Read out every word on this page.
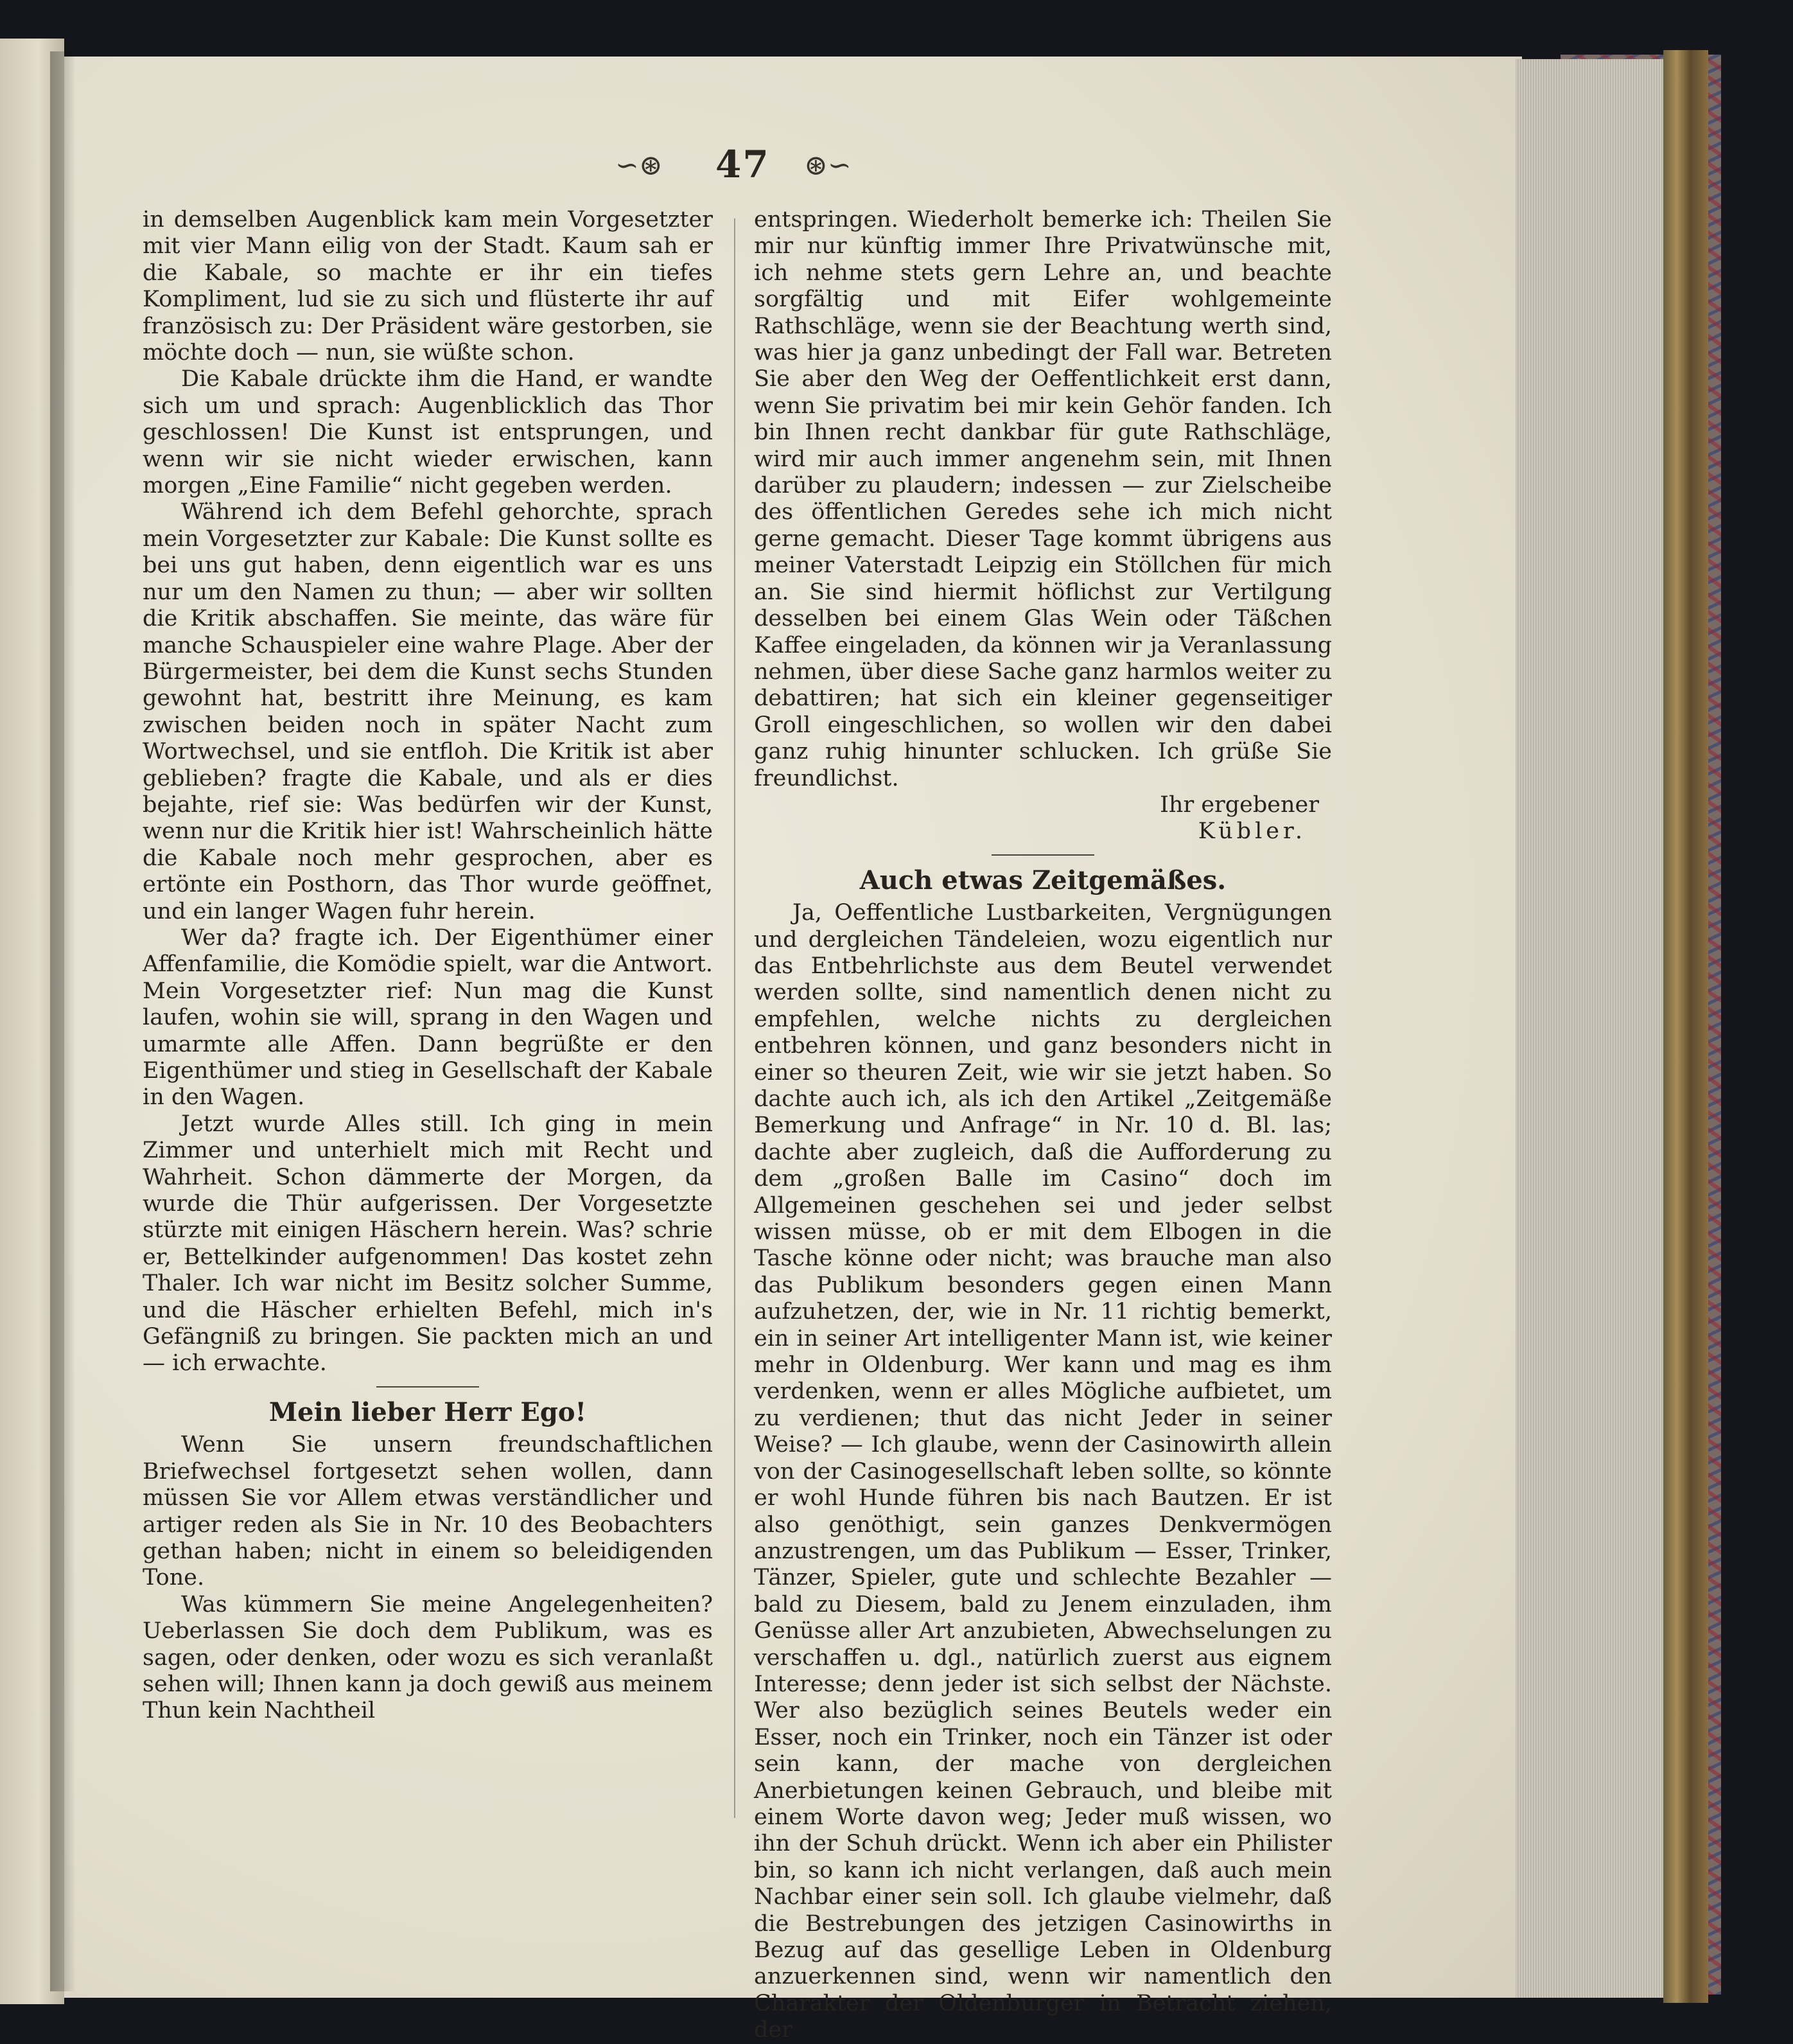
∽⊛ 47 ⊛∽

in demselben Augenblick kam mein Vorgesetzter mit vier Mann eilig von der Stadt. Kaum sah er die Kabale, so machte er ihr ein tiefes Kompliment, lud sie zu sich und flüsterte ihr auf französisch zu: Der Präsident wäre gestorben, sie möchte doch — nun, sie wüßte schon.

Die Kabale drückte ihm die Hand, er wandte sich um und sprach: Augenblicklich das Thor geschlossen! Die Kunst ist entsprungen, und wenn wir sie nicht wieder erwischen, kann morgen „Eine Familie“ nicht gegeben werden.

Während ich dem Befehl gehorchte, sprach mein Vorgesetzter zur Kabale: Die Kunst sollte es bei uns gut haben, denn eigentlich war es uns nur um den Namen zu thun; — aber wir sollten die Kritik abschaffen. Sie meinte, das wäre für manche Schauspieler eine wahre Plage. Aber der Bürgermeister, bei dem die Kunst sechs Stunden gewohnt hat, bestritt ihre Meinung, es kam zwischen beiden noch in später Nacht zum Wortwechsel, und sie entfloh. Die Kritik ist aber geblieben? fragte die Kabale, und als er dies bejahte, rief sie: Was bedürfen wir der Kunst, wenn nur die Kritik hier ist! Wahrscheinlich hätte die Kabale noch mehr gesprochen, aber es ertönte ein Posthorn, das Thor wurde geöffnet, und ein langer Wagen fuhr herein.

Wer da? fragte ich. Der Eigenthümer einer Affenfamilie, die Komödie spielt, war die Antwort. Mein Vorgesetzter rief: Nun mag die Kunst laufen, wohin sie will, sprang in den Wagen und umarmte alle Affen. Dann begrüßte er den Eigenthümer und stieg in Gesellschaft der Kabale in den Wagen.

Jetzt wurde Alles still. Ich ging in mein Zimmer und unterhielt mich mit Recht und Wahrheit. Schon dämmerte der Morgen, da wurde die Thür aufgerissen. Der Vorgesetzte stürzte mit einigen Häschern herein. Was? schrie er, Bettelkinder aufgenommen! Das kostet zehn Thaler. Ich war nicht im Besitz solcher Summe, und die Häscher erhielten Befehl, mich in's Gefängniß zu bringen. Sie packten mich an und — ich erwachte.

Mein lieber Herr Ego!

Wenn Sie unsern freundschaftlichen Briefwechsel fortgesetzt sehen wollen, dann müssen Sie vor Allem etwas verständlicher und artiger reden als Sie in Nr. 10 des Beobachters gethan haben; nicht in einem so beleidigenden Tone.

Was kümmern Sie meine Angelegenheiten? Ueberlassen Sie doch dem Publikum, was es sagen, oder denken, oder wozu es sich veranlaßt sehen will; Ihnen kann ja doch gewiß aus meinem Thun kein Nachtheil

entspringen. Wiederholt bemerke ich: Theilen Sie mir nur künftig immer Ihre Privatwünsche mit, ich nehme stets gern Lehre an, und beachte sorgfältig und mit Eifer wohlgemeinte Rathschläge, wenn sie der Beachtung werth sind, was hier ja ganz unbedingt der Fall war. Betreten Sie aber den Weg der Oeffentlichkeit erst dann, wenn Sie privatim bei mir kein Gehör fanden. Ich bin Ihnen recht dankbar für gute Rathschläge, wird mir auch immer angenehm sein, mit Ihnen darüber zu plaudern; indessen — zur Zielscheibe des öffentlichen Geredes sehe ich mich nicht gerne gemacht. Dieser Tage kommt übrigens aus meiner Vaterstadt Leipzig ein Stöllchen für mich an. Sie sind hiermit höflichst zur Vertilgung desselben bei einem Glas Wein oder Täßchen Kaffee eingeladen, da können wir ja Veranlassung nehmen, über diese Sache ganz harmlos weiter zu debattiren; hat sich ein kleiner gegenseitiger Groll eingeschlichen, so wollen wir den dabei ganz ruhig hinunter schlucken. Ich grüße Sie freundlichst.

Ihr ergebener

Kübler.

Auch etwas Zeitgemäßes.

Ja, Oeffentliche Lustbarkeiten, Vergnügungen und dergleichen Tändeleien, wozu eigentlich nur das Entbehrlichste aus dem Beutel verwendet werden sollte, sind namentlich denen nicht zu empfehlen, welche nichts zu dergleichen entbehren können, und ganz besonders nicht in einer so theuren Zeit, wie wir sie jetzt haben. So dachte auch ich, als ich den Artikel „Zeitgemäße Bemerkung und Anfrage“ in Nr. 10 d. Bl. las; dachte aber zugleich, daß die Aufforderung zu dem „großen Balle im Casino“ doch im Allgemeinen geschehen sei und jeder selbst wissen müsse, ob er mit dem Elbogen in die Tasche könne oder nicht; was brauche man also das Publikum besonders gegen einen Mann aufzuhetzen, der, wie in Nr. 11 richtig bemerkt, ein in seiner Art intelligenter Mann ist, wie keiner mehr in Oldenburg. Wer kann und mag es ihm verdenken, wenn er alles Mögliche aufbietet, um zu verdienen; thut das nicht Jeder in seiner Weise? — Ich glaube, wenn der Casinowirth allein von der Casinogesellschaft leben sollte, so könnte er wohl Hunde führen bis nach Bautzen. Er ist also genöthigt, sein ganzes Denkvermögen anzustrengen, um das Publikum — Esser, Trinker, Tänzer, Spieler, gute und schlechte Bezahler — bald zu Diesem, bald zu Jenem einzuladen, ihm Genüsse aller Art anzubieten, Abwechselungen zu verschaffen u. dgl., natürlich zuerst aus eignem Interesse; denn jeder ist sich selbst der Nächste. Wer also bezüglich seines Beutels weder ein Esser, noch ein Trinker, noch ein Tänzer ist oder sein kann, der mache von dergleichen Anerbietungen keinen Gebrauch, und bleibe mit einem Worte davon weg; Jeder muß wissen, wo ihn der Schuh drückt. Wenn ich aber ein Philister bin, so kann ich nicht verlangen, daß auch mein Nachbar einer sein soll. Ich glaube vielmehr, daß die Bestrebungen des jetzigen Casinowirths in Bezug auf das gesellige Leben in Oldenburg anzuerkennen sind, wenn wir namentlich den Charakter der Oldenburger in Betracht ziehen, der
